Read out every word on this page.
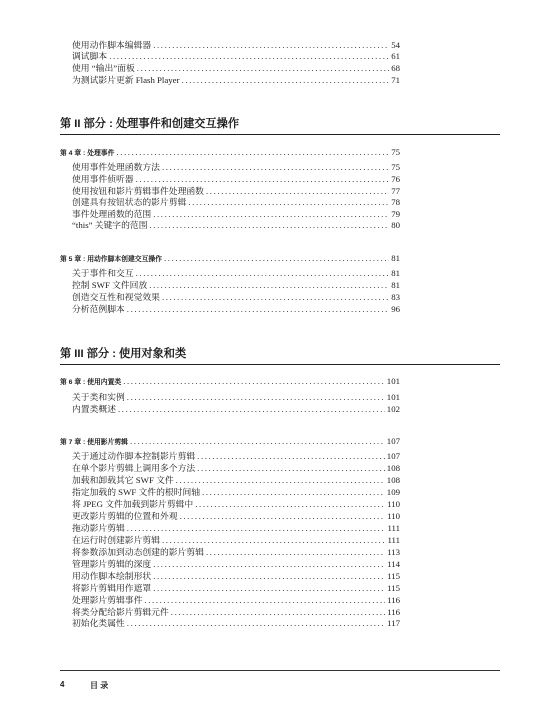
使用动作脚本编辑器 .....	54
调试脚本 .....	61
使用 “输出”面板 .....	68
为测试影片更新 Flash Player .....	71
第 II 部分 : 处理事件和创建交互操作
第 4 章 : 处理事件 .....	75
使用事件处理函数方法 .....	75
使用事件侦听器 .....	76
使用按钮和影片剪辑事件处理函数 .....	77
创建具有按钮状态的影片剪辑 .....	78
事件处理函数的范围 .....	79
“this” 关键字的范围 .....	80
第 5 章 : 用动作脚本创建交互操作 .....	81
关于事件和交互 .....	81
控制 SWF 文件回放 .....	81
创造交互性和视觉效果 .....	83
分析范例脚本 .....	96
第 III 部分 : 使用对象和类
第 6 章 : 使用内置类 .....	101
关于类和实例 .....	101
内置类概述 .....	102
第 7 章 : 使用影片剪辑 .....	107
关于通过动作脚本控制影片剪辑 .....	107
在单个影片剪辑上调用多个方法 .....	108
加载和卸载其它 SWF 文件 .....	108
指定加载的 SWF 文件的根时间轴 .....	109
将 JPEG 文件加载到影片剪辑中 .....	110
更改影片剪辑的位置和外观 .....	110
拖动影片剪辑 .....	111
在运行时创建影片剪辑 .....	111
将参数添加到动态创建的影片剪辑 .....	113
管理影片剪辑的深度 .....	114
用动作脚本绘制形状 .....	115
将影片剪辑用作遮罩 .....	115
处理影片剪辑事件 .....	116
将类分配给影片剪辑元件 .....	116
初始化类属性 .....	117
4	目 录
